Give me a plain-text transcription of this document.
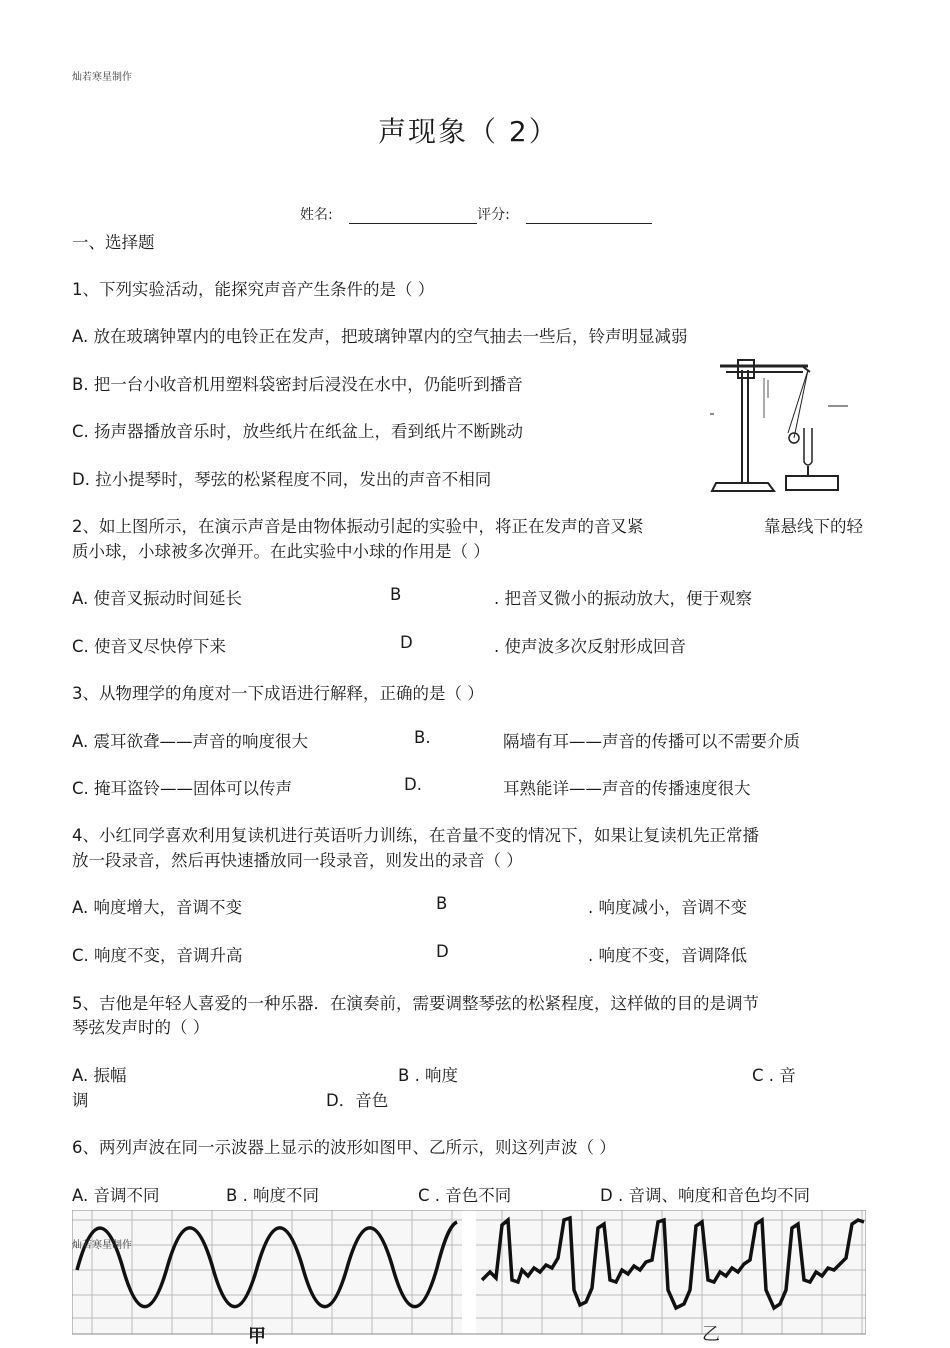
灿若寒星制作
声现象（ 2）
姓名:	评分:
一、选择题
1、下列实验活动，能探究声音产生条件的是（ ）
A. 放在玻璃钟罩内的电铃正在发声，把玻璃钟罩内的空气抽去一些后，铃声明显减弱
B. 把一台小收音机用塑料袋密封后浸没在水中，仍能听到播音
C. 扬声器播放音乐时，放些纸片在纸盆上，看到纸片不断跳动
D. 拉小提琴时，琴弦的松紧程度不同，发出的声音不相同
2、如上图所示，在演示声音是由物体振动引起的实验中，将正在发声的音叉紧	靠悬线下的轻
质小球，小球被多次弹开。在此实验中小球的作用是（ ）
A. 使音叉振动时间延长	B	. 把音叉微小的振动放大，便于观察
C. 使音叉尽快停下来	D	. 使声波多次反射形成回音
3、从物理学的角度对一下成语进行解释，正确的是（ ）
A. 震耳欲聋——声音的响度很大	B.	隔墙有耳——声音的传播可以不需要介质
C. 掩耳盗铃——固体可以传声	D.	耳熟能详——声音的传播速度很大
4、小红同学喜欢利用复读机进行英语听力训练，在音量不变的情况下，如果让复读机先正常播
放一段录音，然后再快速播放同一段录音，则发出的录音（ ）
A. 响度增大，音调不变	B	. 响度减小，音调不变
C. 响度不变，音调升高	D	. 响度不变，音调降低
5、吉他是年轻人喜爱的一种乐器．在演奏前，需要调整琴弦的松紧程度，这样做的目的是调节
琴弦发声时的（ ）
A. 振幅	B . 响度	C . 音
调	D．音色
6、两列声波在同一示波器上显示的波形如图甲、乙所示，则这列声波（ ）
A. 音调不同	B . 响度不同	C . 音色不同	D . 音调、响度和音色均不同
灿若寒星制作
甲	乙
